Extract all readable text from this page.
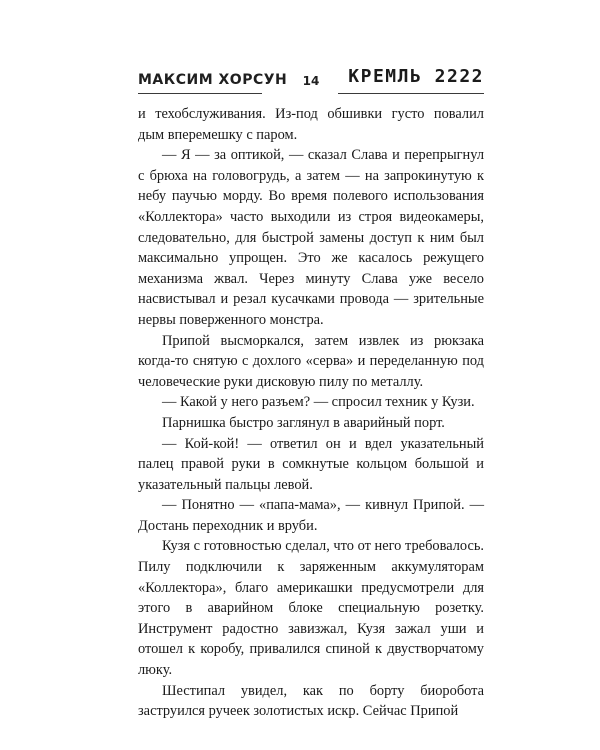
МАКСИМ ХОРСУН	14	КРЕМЛЬ 2222

и техобслуживания. Из-под обшивки густо повалил дым вперемешку с паром.

— Я — за оптикой, — сказал Слава и перепрыгнул с брюха на головогрудь, а затем — на запрокинутую к небу паучью морду. Во время полевого использования «Коллектора» часто выходили из строя видеокамеры, следовательно, для быстрой замены доступ к ним был максимально упрощен. Это же касалось режущего механизма жвал. Через минуту Слава уже весело насвистывал и резал кусачками провода — зрительные нервы поверженного монстра.

Припой высморкался, затем извлек из рюкзака когда-то снятую с дохлого «серва» и переделанную под человеческие руки дисковую пилу по металлу.

— Какой у него разъем? — спросил техник у Кузи.

Парнишка быстро заглянул в аварийный порт.

— Кой-кой! — ответил он и вдел указательный палец правой руки в сомкнутые кольцом большой и указательный пальцы левой.

— Понятно — «папа-мама», — кивнул Припой. — Достань переходник и вруби.

Кузя с готовностью сделал, что от него требовалось. Пилу подключили к заряженным аккумуляторам «Коллектора», благо америкашки предусмотрели для этого в аварийном блоке специальную розетку. Инструмент радостно завизжал, Кузя зажал уши и отошел к коробу, привалился спиной к двустворчатому люку.

Шестипал увидел, как по борту биоробота заструился ручеек золотистых искр. Сейчас Припой
